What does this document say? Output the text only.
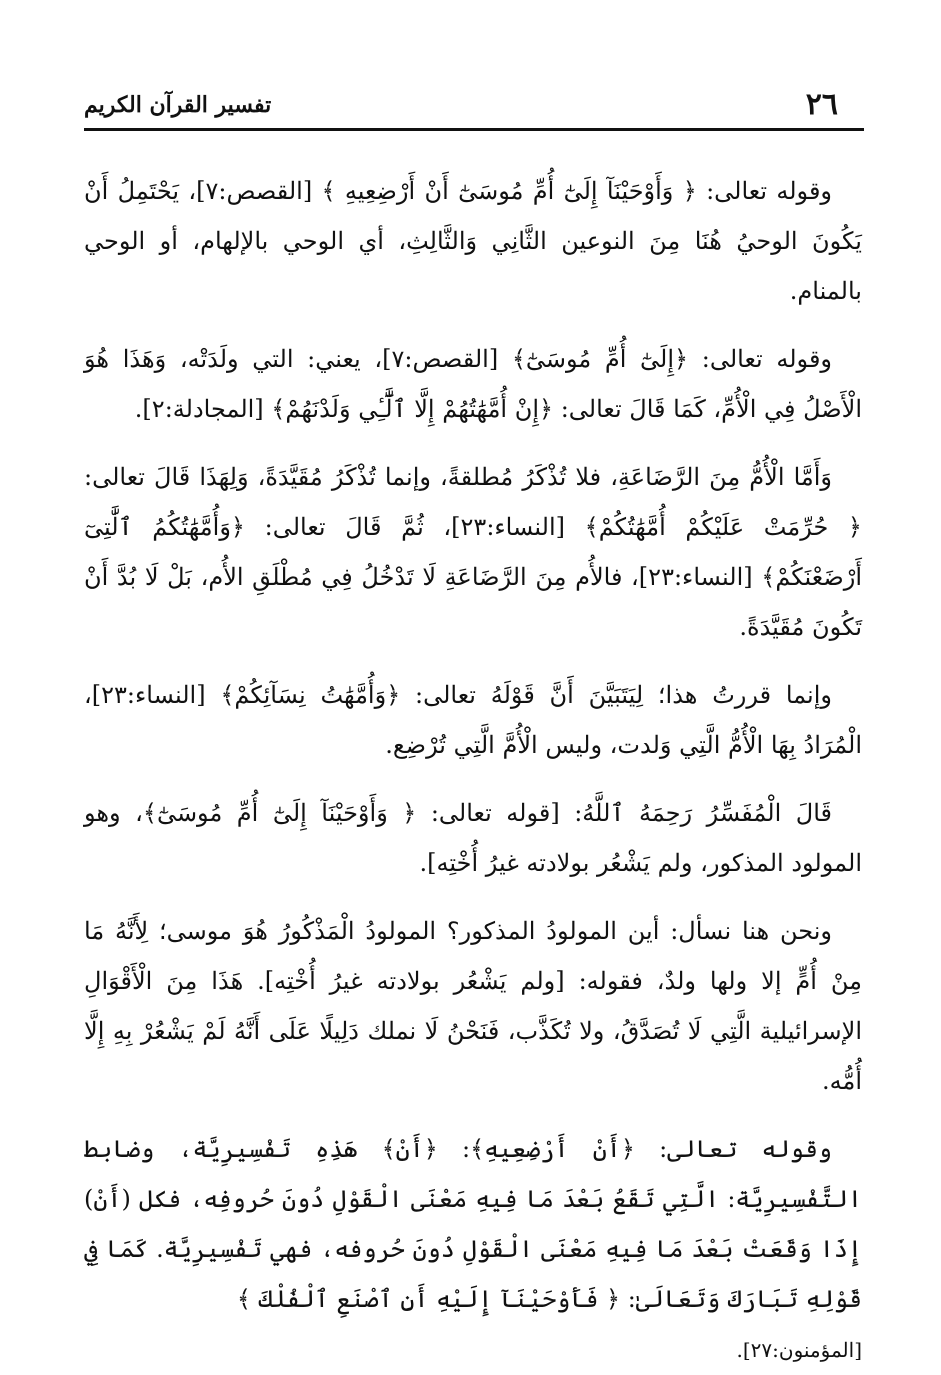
٢٦
تفسير القرآن الكريم

وقوله تعالى: ﴿ وَأَوْحَيْنَآ إِلَىٰٓ أُمِّ مُوسَىٰٓ أَنْ أَرْضِعِيهِ ﴾ [القصص:٧]، يَحْتَمِلُ أَنْ يَكُونَ الوحيُ هُنَا مِنَ النوعين الثَّانِي وَالثَّالِثِ، أي الوحي بالإلهام، أو الوحي بالمنام.

وقوله تعالى: ﴿إِلَىٰٓ أُمِّ مُوسَىٰٓ﴾ [القصص:٧]، يعني: التي ولَدَتْه، وَهَذَا هُوَ الْأَصْلُ فِي الْأُمِّ، كَمَا قَالَ تعالى: ﴿إِنْ أُمَّهَٰتُهُمْ إِلَّا ٱلَّٰٓـِٔي وَلَدْنَهُمْ﴾ [المجادلة:٢].

وَأَمَّا الْأُمُّ مِنَ الرَّضَاعَةِ، فلا تُذْكَرُ مُطلقةً، وإنما تُذْكَرُ مُقَيَّدَةً، وَلِهَذَا قَالَ تعالى: ﴿ حُرِّمَتْ عَلَيْكُمْ أُمَّهَٰتُكُمْ﴾ [النساء:٢٣]، ثُمَّ قَالَ تعالى: ﴿وَأُمَّهَٰتُكُمُ ٱلَّٰتِىٓ أَرْضَعْنَكُمْ﴾ [النساء:٢٣]، فالأُم مِنَ الرَّضَاعَةِ لَا تَدْخُلُ فِي مُطْلَقِ الأُم، بَلْ لَا بُدَّ أَنْ تَكُونَ مُقَيَّدَةً.

وإنما قررتُ هذا؛ لِيَتَبَيَّنَ أَنَّ قَوْلَهُ تعالى: ﴿وَأُمَّهَٰتُ نِسَآئِكُمْ﴾ [النساء:٢٣]، الْمُرَادُ بِهَا الْأُمُّ الَّتِي وَلدت، وليس الْأُمَّ الَّتِي تُرْضِع.

قَالَ الْمُفَسِّرُ رَحِمَهُ ٱللَّهُ: [قوله تعالى: ﴿ وَأَوْحَيْنَآ إِلَىٰٓ أُمِّ مُوسَىٰٓ﴾، وهو المولود المذكور، ولم يَشْعُر بولادته غيرُ أُخْتِه].

ونحن هنا نسأل: أين المولودُ المذكور؟ المولودُ الْمَذْكُورُ هُوَ موسى؛ لِأَنَّهُ مَا مِنْ أُمٍّ إلا ولها ولدٌ، فقوله: [ولم يَشْعُر بولادته غيرُ أُخْتِه]. هَذَا مِنَ الْأَقْوَالِ الإسرائيلية الَّتِي لَا تُصَدَّقُ، ولا تُكَذَّب، فَنَحْنُ لَا نملك دَلِيلًا عَلَى أَنَّهُ لَمْ يَشْعُرْ بِهِ إِلَّا أُمُّه.

وقوله تعالى: ﴿أَنْ أَرْضِعِيهِ﴾: ﴿أَنْ﴾ هَذِهِ تَفْسِيرِيَّة، وضابط التَّفْسِيرِيَّة: الَّتِي تَقَعُ بَعْدَ مَا فِيهِ مَعْنَى الْقَوْلِ دُونَ حُروفِه، فكل (أَنْ) إِذَا وَقَعَتْ بَعْدَ مَا فِيهِ مَعْنَى الْقَوْلِ دُونَ حُروفه، فهي تَفْسِيرِيَّة. كَمَا فِي قَوْلِهِ تَبَارَكَ وَتَعَالَىٰ: ﴿ فَأَوْحَيْنَآ إِلَيْهِ أَنِ ٱصْنَعِ ٱلْفُلْكَ ﴾

[المؤمنون:٢٧].
